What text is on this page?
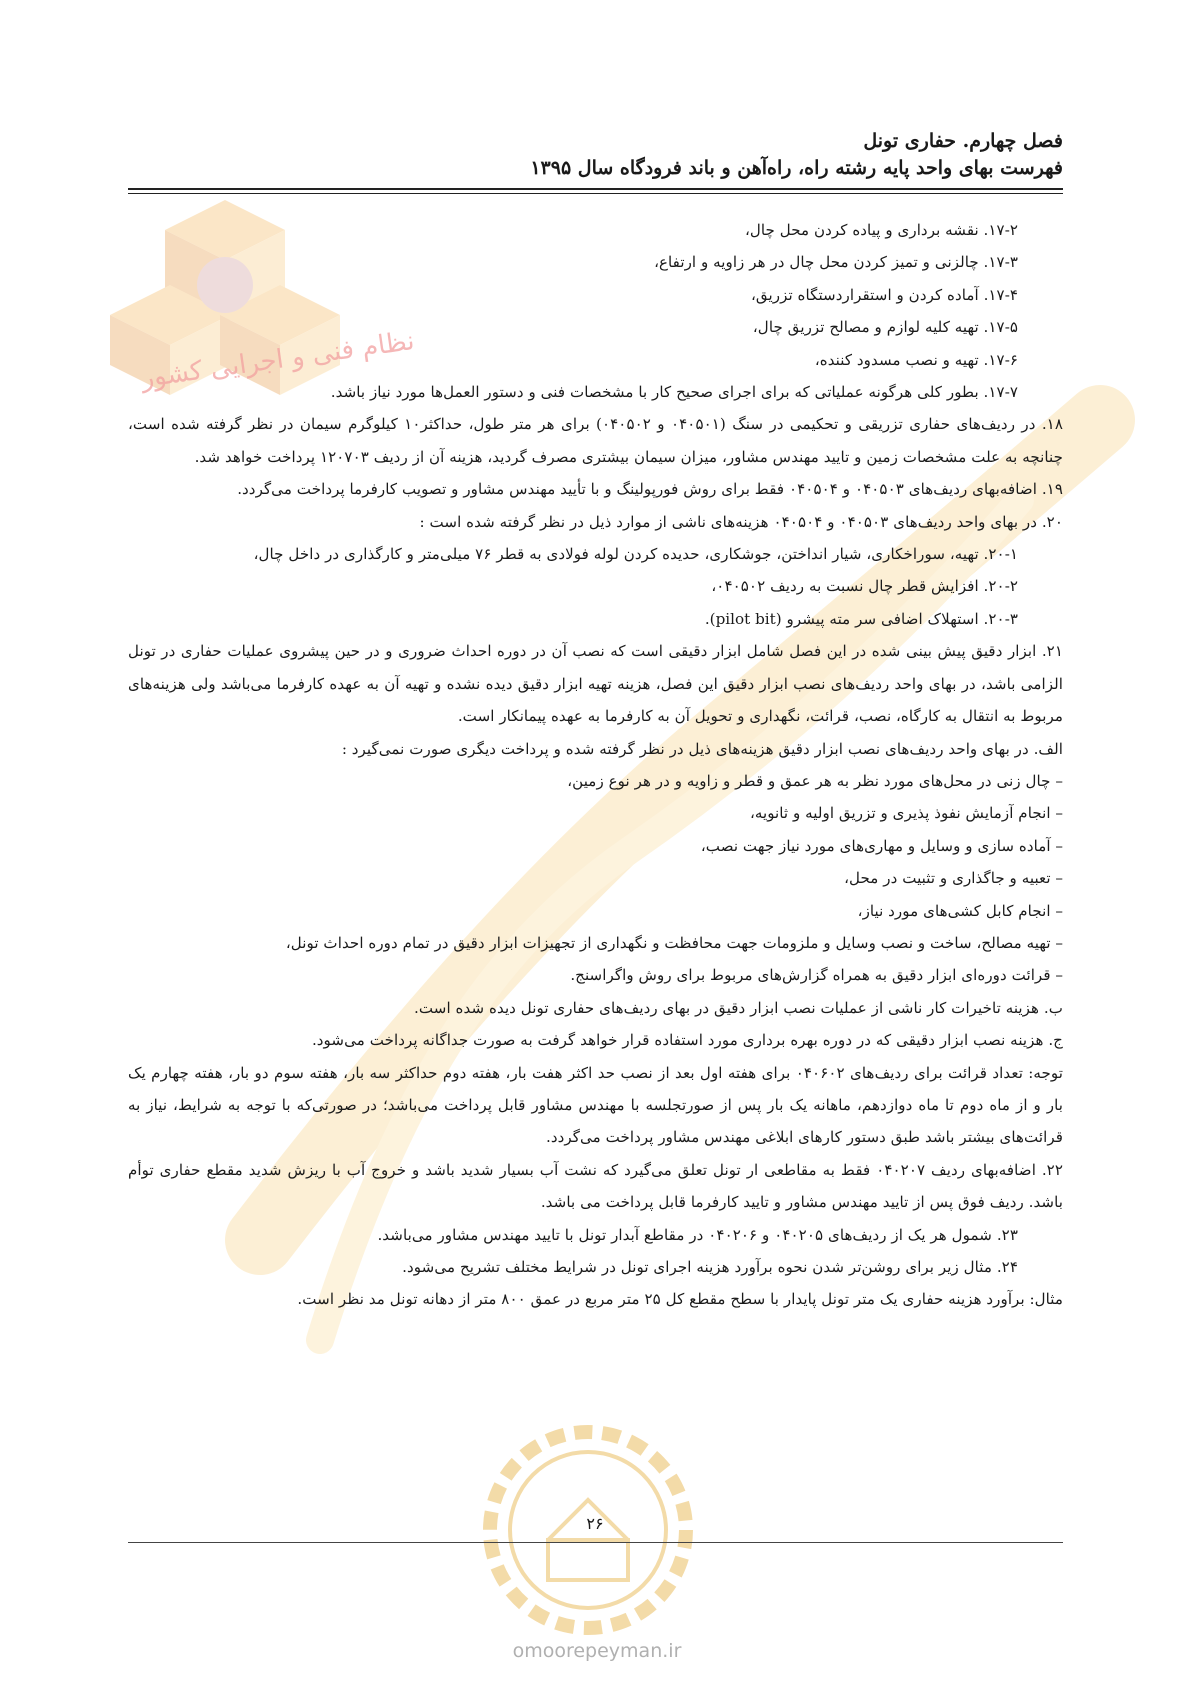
نظام فنی و اجرایی کشور
omoorepeyman.ir
فصل چهارم. حفاری تونل
فهرست بهای واحد پایه رشته راه، راه‌آهن و باند فرودگاه سال ۱۳۹۵

۱۷-۲. نقشه برداری و پیاده کردن محل چال،

۱۷-۳. چالزنی و تمیز کردن محل چال در هر زاویه و ارتفاع،

۱۷-۴. آماده کردن و استقراردستگاه تزریق،

۱۷-۵. تهیه کلیه لوازم و مصالح تزریق چال،

۱۷-۶. تهیه و نصب مسدود کننده،

۱۷-۷. بطور کلی هرگونه عملیاتی که برای اجرای صحیح کار با مشخصات فنی و دستور العمل‌ها مورد نیاز باشد.

۱۸. در ردیف‌های حفاری تزریقی و تحکیمی در سنگ (۰۴۰۵۰۱ و ۰۴۰۵۰۲) برای هر متر طول، حداکثر۱۰ کیلوگرم سیمان در نظر گرفته شده است، چنانچه به علت مشخصات زمین و تایید مهندس مشاور، میزان سیمان بیشتری مصرف گردید، هزینه آن از ردیف ۱۲۰۷۰۳ پرداخت خواهد شد.

۱۹. اضافه‌بهای ردیف‌های ۰۴۰۵۰۳ و ۰۴۰۵۰۴ فقط برای روش فورپولینگ و با تأیید مهندس مشاور و تصویب کارفرما پرداخت می‌گردد.

۲۰. در بهای واحد ردیف‌های ۰۴۰۵۰۳ و ۰۴۰۵۰۴ هزینه‌های ناشی از موارد ذیل در نظر گرفته شده است :

۲۰-۱. تهیه، سوراخکاری، شیار انداختن، جوشکاری، حدیده کردن لوله فولادی به قطر ۷۶ میلی‌متر و کارگذاری در داخل چال،

۲۰-۲. افزایش قطر چال نسبت به ردیف ۰۴۰۵۰۲،

۲۰-۳. استهلاک اضافی سر مته پیشرو (pilot bit).

۲۱. ابزار دقیق پیش بینی شده در این فصل شامل ابزار دقیقی است که نصب آن در دوره احداث ضروری و در حین پیشروی عملیات حفاری در تونل الزامی باشد، در بهای واحد ردیف‌های نصب ابزار دقیق این فصل، هزینه تهیه ابزار دقیق دیده نشده و تهیه آن به عهده کارفرما می‌باشد ولی هزینه‌های مربوط به انتقال به کارگاه، نصب، قرائت، نگهداری و تحویل آن به کارفرما به عهده پیمانکار است.

الف. در بهای واحد ردیف‌های نصب ابزار دقیق هزینه‌های ذیل در نظر گرفته شده و پرداخت دیگری صورت نمی‌گیرد :

– چال زنی در محل‌های مورد نظر به هر عمق و قطر و زاویه و در هر نوع زمین،

– انجام آزمایش نفوذ پذیری و تزریق اولیه و ثانویه،

– آماده سازی و وسایل و مهاری‌های مورد نیاز جهت نصب،

– تعبیه و جاگذاری و تثبیت در محل،

– انجام کابل کشی‌های مورد نیاز،

– تهیه مصالح، ساخت و نصب وسایل و ملزومات جهت محافظت و نگهداری از تجهیزات ابزار دقیق در تمام دوره احداث تونل،

– قرائت دوره‌ای ابزار دقیق به همراه گزارش‌های مربوط برای روش واگراسنج.

ب. هزینه تاخیرات کار ناشی از عملیات نصب ابزار دقیق در بهای ردیف‌های حفاری تونل دیده شده است.

ج. هزینه نصب ابزار دقیقی که در دوره بهره برداری مورد استفاده قرار خواهد گرفت به صورت جداگانه پرداخت می‌شود.

توجه: تعداد قرائت برای ردیف‌های ۰۴۰۶۰۲ برای هفته اول بعد از نصب حد اکثر هفت بار، هفته دوم حداکثر سه بار، هفته سوم دو بار، هفته چهارم یک بار و از ماه دوم تا ماه دوازدهم، ماهانه یک بار پس از صورتجلسه با مهندس مشاور قابل پرداخت می‌باشد؛ در صورتی‌که با توجه به شرایط، نیاز به قرائت‌های بیشتر باشد طبق دستور کارهای ابلاغی مهندس مشاور پرداخت می‌گردد.

۲۲. اضافه‌بهای ردیف ۰۴۰۲۰۷ فقط به مقاطعی ار تونل تعلق می‌گیرد که نشت آب بسیار شدید باشد و خروج آب با ریزش شدید مقطع حفاری توأم باشد. ردیف فوق پس از تایید مهندس مشاور و تایید کارفرما قابل پرداخت می باشد.

۲۳. شمول هر یک از ردیف‌های ۰۴۰۲۰۵ و ۰۴۰۲۰۶ در مقاطع آبدار تونل با تایید مهندس مشاور می‌باشد.

۲۴. مثال زیر برای روشن‌تر شدن نحوه برآورد هزینه اجرای تونل در شرایط مختلف تشریح می‌شود.

مثال: برآورد هزینه حفاری یک متر تونل پایدار با سطح مقطع کل ۲۵ متر مربع در عمق ۸۰۰ متر از دهانه تونل مد نظر است.

۲۶
